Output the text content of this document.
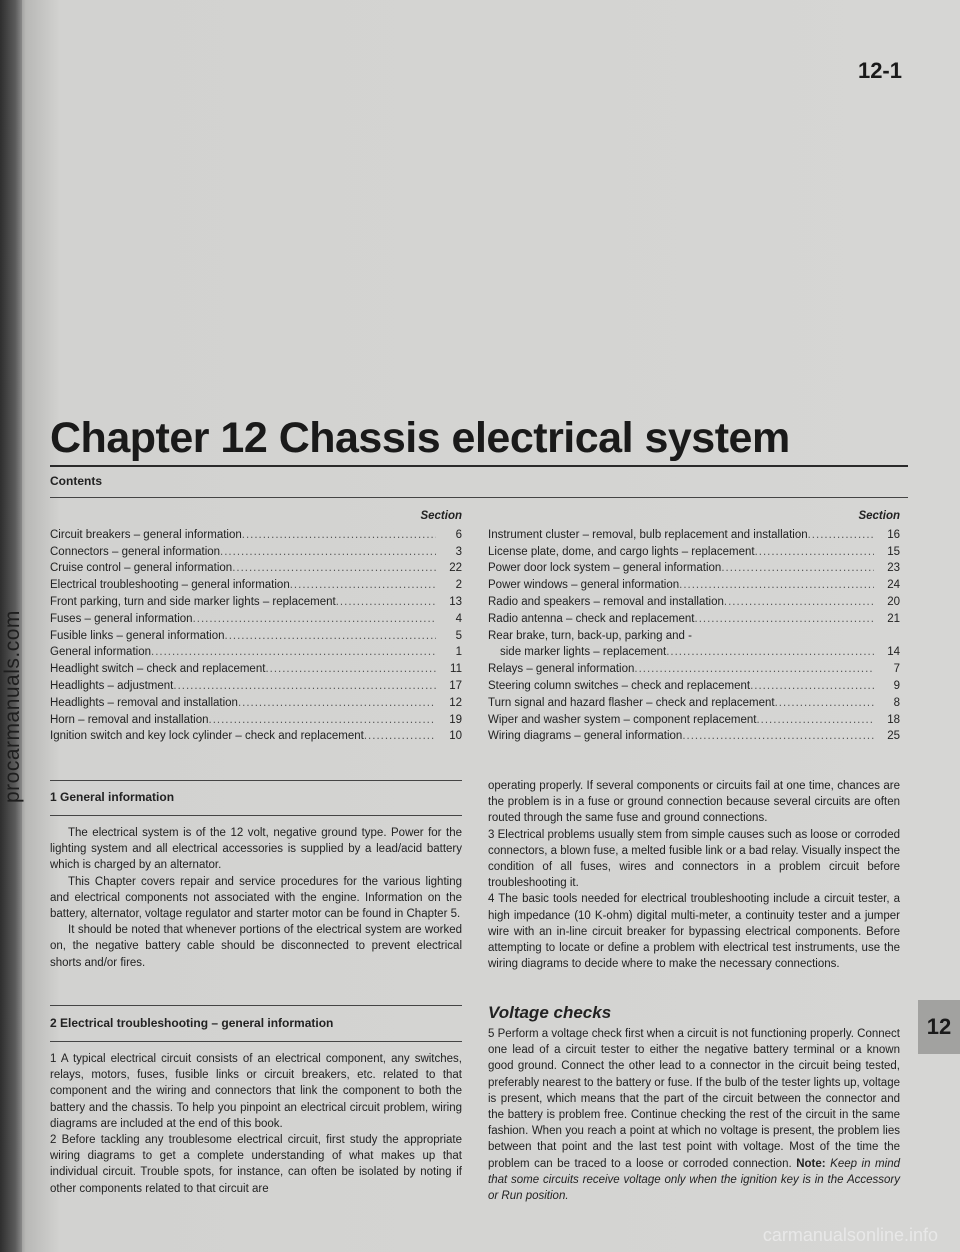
procarmanuals.com
12-1
Chapter 12 Chassis electrical system
Contents
Section
Circuit breakers – general information .....	6
Connectors – general information .....	3
Cruise control – general information .....	22
Electrical troubleshooting – general information .....	2
Front parking, turn and side marker lights – replacement .....	13
Fuses – general information .....	4
Fusible links – general information .....	5
General information .....	1
Headlight switch – check and replacement .....	11
Headlights – adjustment .....	17
Headlights – removal and installation .....	12
Horn – removal and installation .....	19
Ignition switch and key lock cylinder – check and replacement .....	10
Section
Instrument cluster – removal, bulb replacement and installation .....	16
License plate, dome, and cargo lights – replacement .....	15
Power door lock system – general information .....	23
Power windows – general information .....	24
Radio and speakers – removal and installation .....	20
Radio antenna – check and replacement .....	21
Rear brake, turn, back-up, parking and -
side marker lights – replacement .....	14
Relays – general information .....	7
Steering column switches – check and replacement .....	9
Turn signal and hazard flasher – check and replacement .....	8
Wiper and washer system – component replacement .....	18
Wiring diagrams – general information .....	25
1 General information

The electrical system is of the 12 volt, negative ground type. Power for the lighting system and all electrical accessories is supplied by a lead/acid battery which is charged by an alternator.

This Chapter covers repair and service procedures for the various lighting and electrical components not associated with the engine. Information on the battery, alternator, voltage regulator and starter motor can be found in Chapter 5.

It should be noted that whenever portions of the electrical system are worked on, the negative battery cable should be disconnected to prevent electrical shorts and/or fires.

2 Electrical troubleshooting – general information

1 A typical electrical circuit consists of an electrical component, any switches, relays, motors, fuses, fusible links or circuit breakers, etc. related to that component and the wiring and connectors that link the component to both the battery and the chassis. To help you pinpoint an electrical circuit problem, wiring diagrams are included at the end of this book.

2 Before tackling any troublesome electrical circuit, first study the appropriate wiring diagrams to get a complete understanding of what makes up that individual circuit. Trouble spots, for instance, can often be isolated by noting if other components related to that circuit are

operating properly. If several components or circuits fail at one time, chances are the problem is in a fuse or ground connection because several circuits are often routed through the same fuse and ground connections.

3 Electrical problems usually stem from simple causes such as loose or corroded connectors, a blown fuse, a melted fusible link or a bad relay. Visually inspect the condition of all fuses, wires and connectors in a problem circuit before troubleshooting it.

4 The basic tools needed for electrical troubleshooting include a circuit tester, a high impedance (10 K-ohm) digital multi-meter, a continuity tester and a jumper wire with an in-line circuit breaker for bypassing electrical components. Before attempting to locate or define a problem with electrical test instruments, use the wiring diagrams to decide where to make the necessary connections.

Voltage checks

5 Perform a voltage check first when a circuit is not functioning properly. Connect one lead of a circuit tester to either the negative battery terminal or a known good ground. Connect the other lead to a connector in the circuit being tested, preferably nearest to the battery or fuse. If the bulb of the tester lights up, voltage is present, which means that the part of the circuit between the connector and the battery is problem free. Continue checking the rest of the circuit in the same fashion. When you reach a point at which no voltage is present, the problem lies between that point and the last test point with voltage. Most of the time the problem can be traced to a loose or corroded connection. Note: Keep in mind that some circuits receive voltage only when the ignition key is in the Accessory or Run position.

12
carmanualsonline.info
